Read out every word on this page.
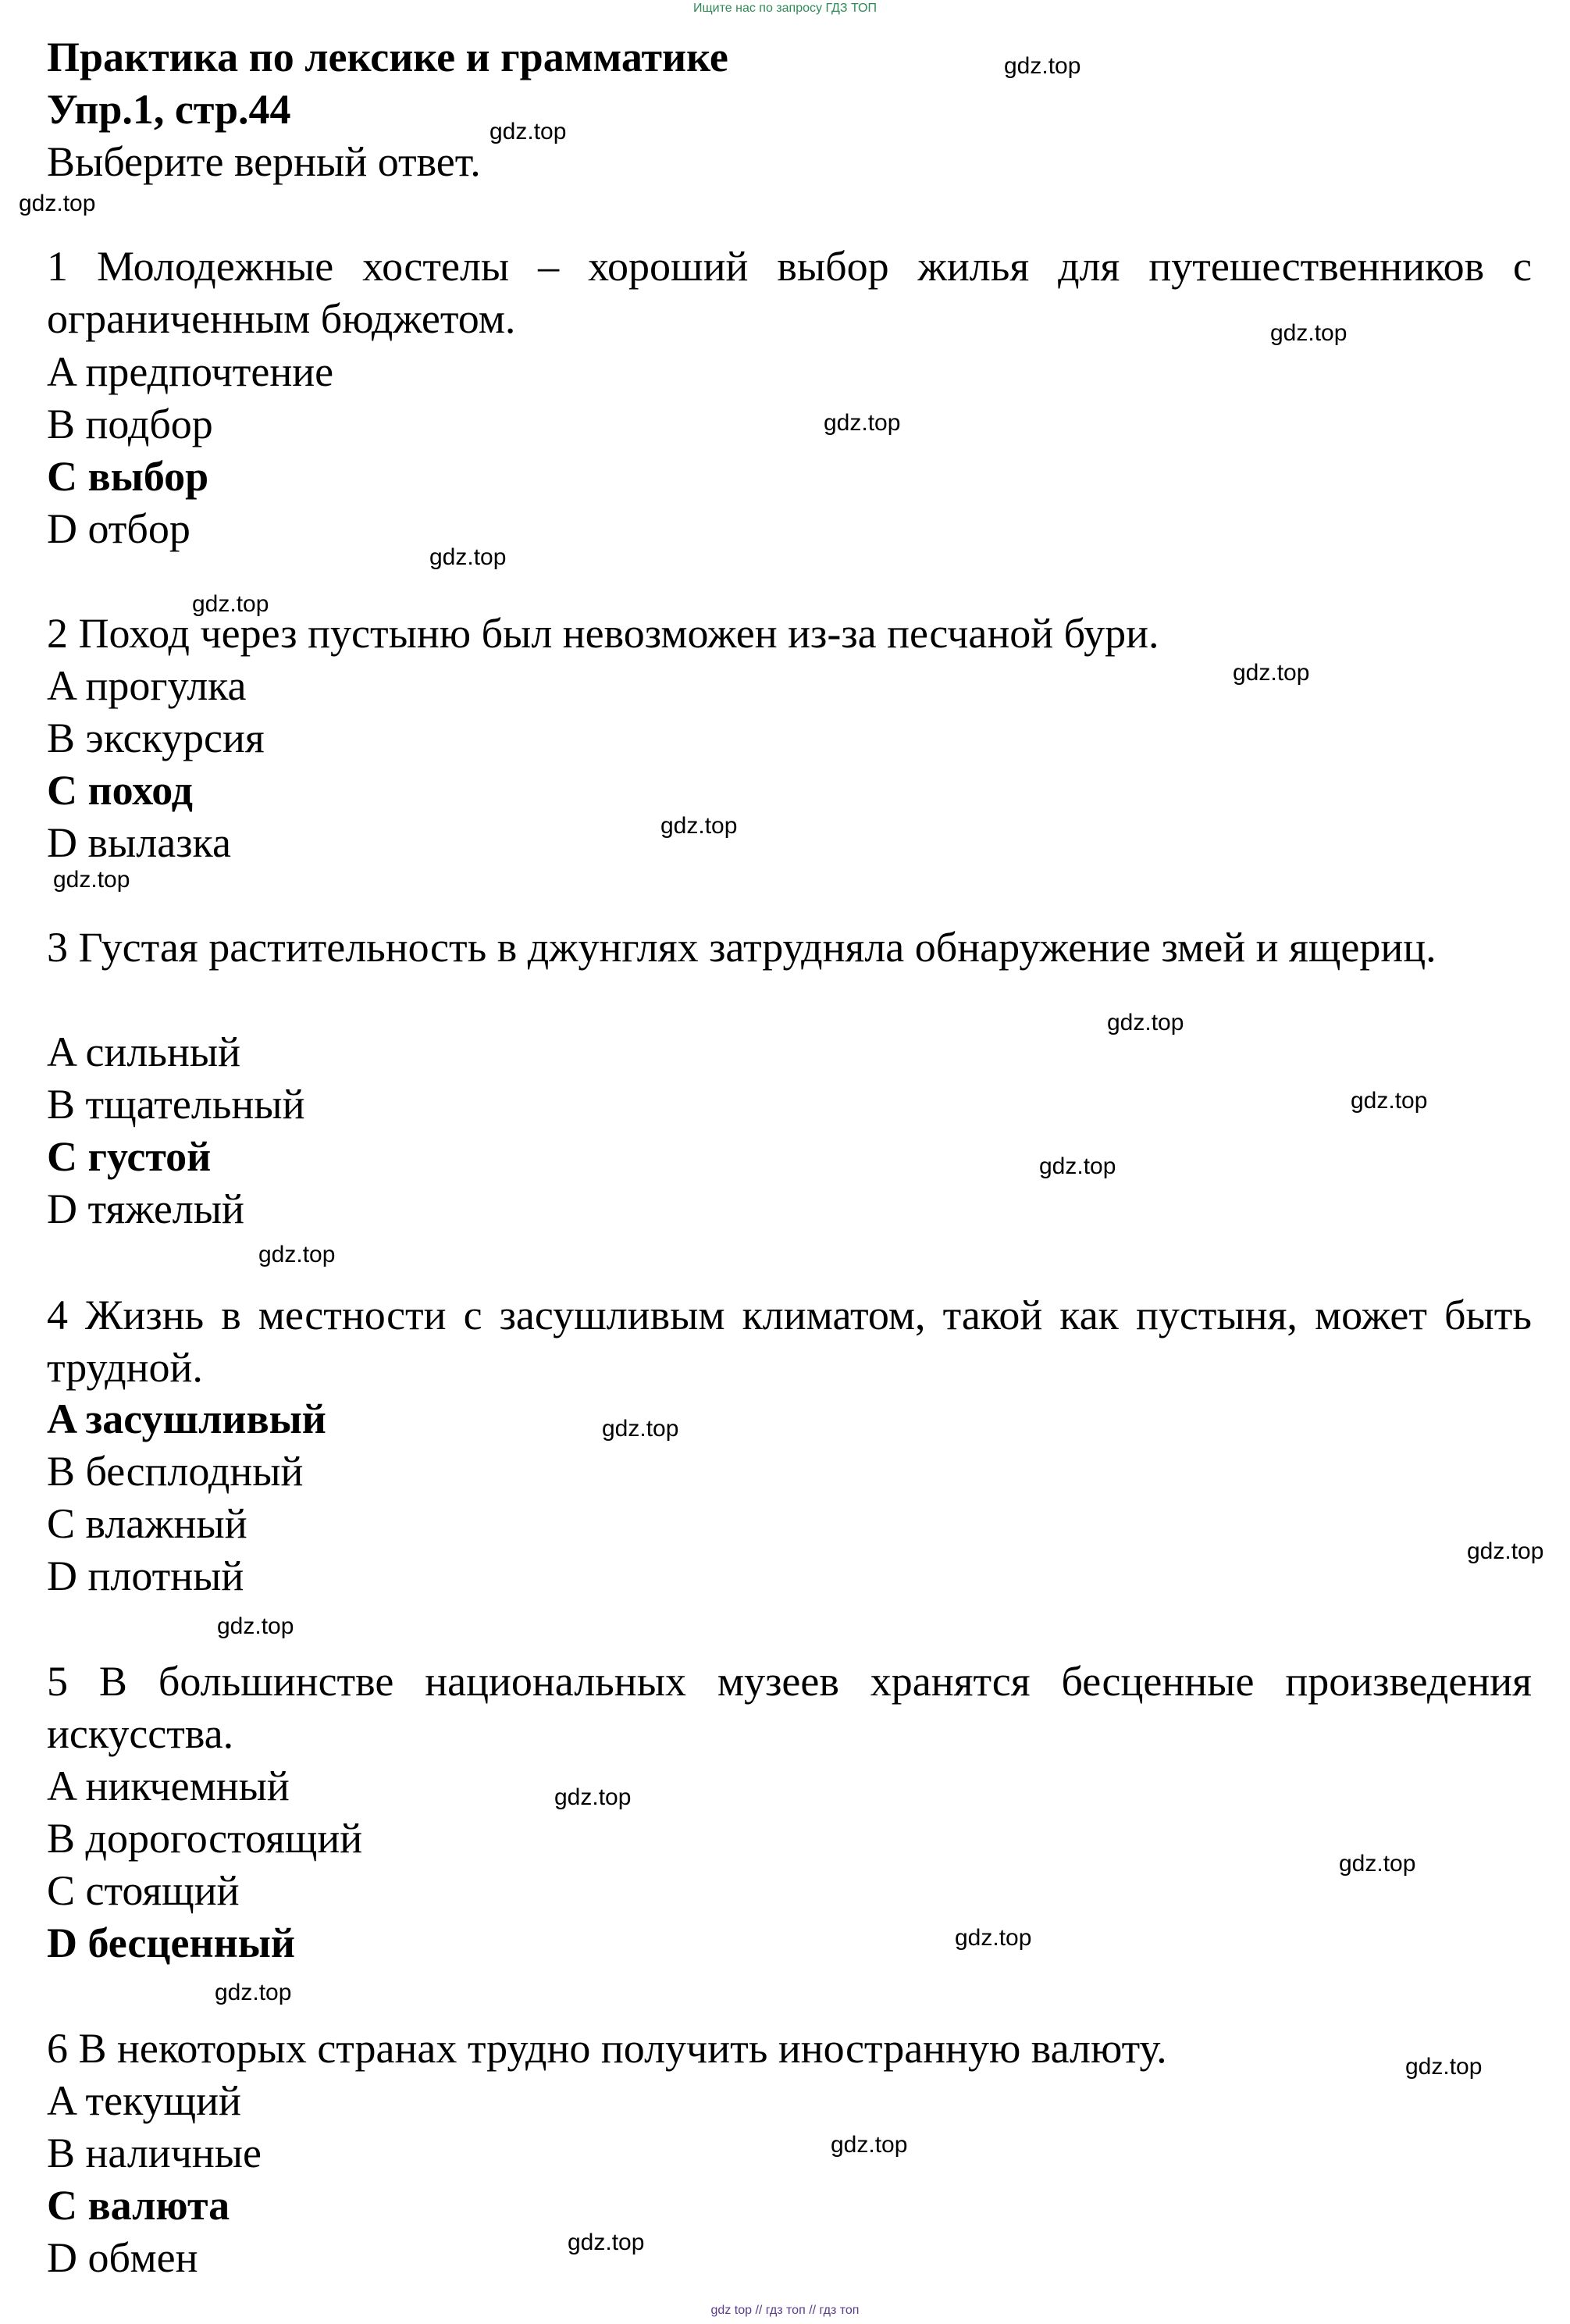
Ищите нас по запросу ГДЗ ТОП
Практика по лексике и грамматике
Упр.1, стр.44
Выберите верный ответ.
1 Молодежные хостелы – хороший выбор жилья для путешественников с ограниченным бюджетом.
A предпочтение
B подбор
C выбор
D отбор
2 Поход через пустыню был невозможен из-за песчаной бури.
A прогулка
B экскурсия
C поход
D вылазка
3 Густая растительность в джунглях затрудняла обнаружение змей и ящериц.
A сильный
B тщательный
C густой
D тяжелый
4 Жизнь в местности с засушливым климатом, такой как пустыня, может быть трудной.
A засушливый
B бесплодный
C влажный
D плотный
5 В большинстве национальных музеев хранятся бесценные произведения искусства.
A никчемный
B дорогостоящий
C стоящий
D бесценный
6 В некоторых странах трудно получить иностранную валюту.
A текущий
B наличные
C валюта
D обмен
gdz.top
gdz.top
gdz.top
gdz.top
gdz.top
gdz.top
gdz.top
gdz.top
gdz.top
gdz.top
gdz.top
gdz.top
gdz.top
gdz.top
gdz.top
gdz.top
gdz.top
gdz.top
gdz.top
gdz.top
gdz.top
gdz.top
gdz.top
gdz.top
gdz top // гдз топ // гдз топ
